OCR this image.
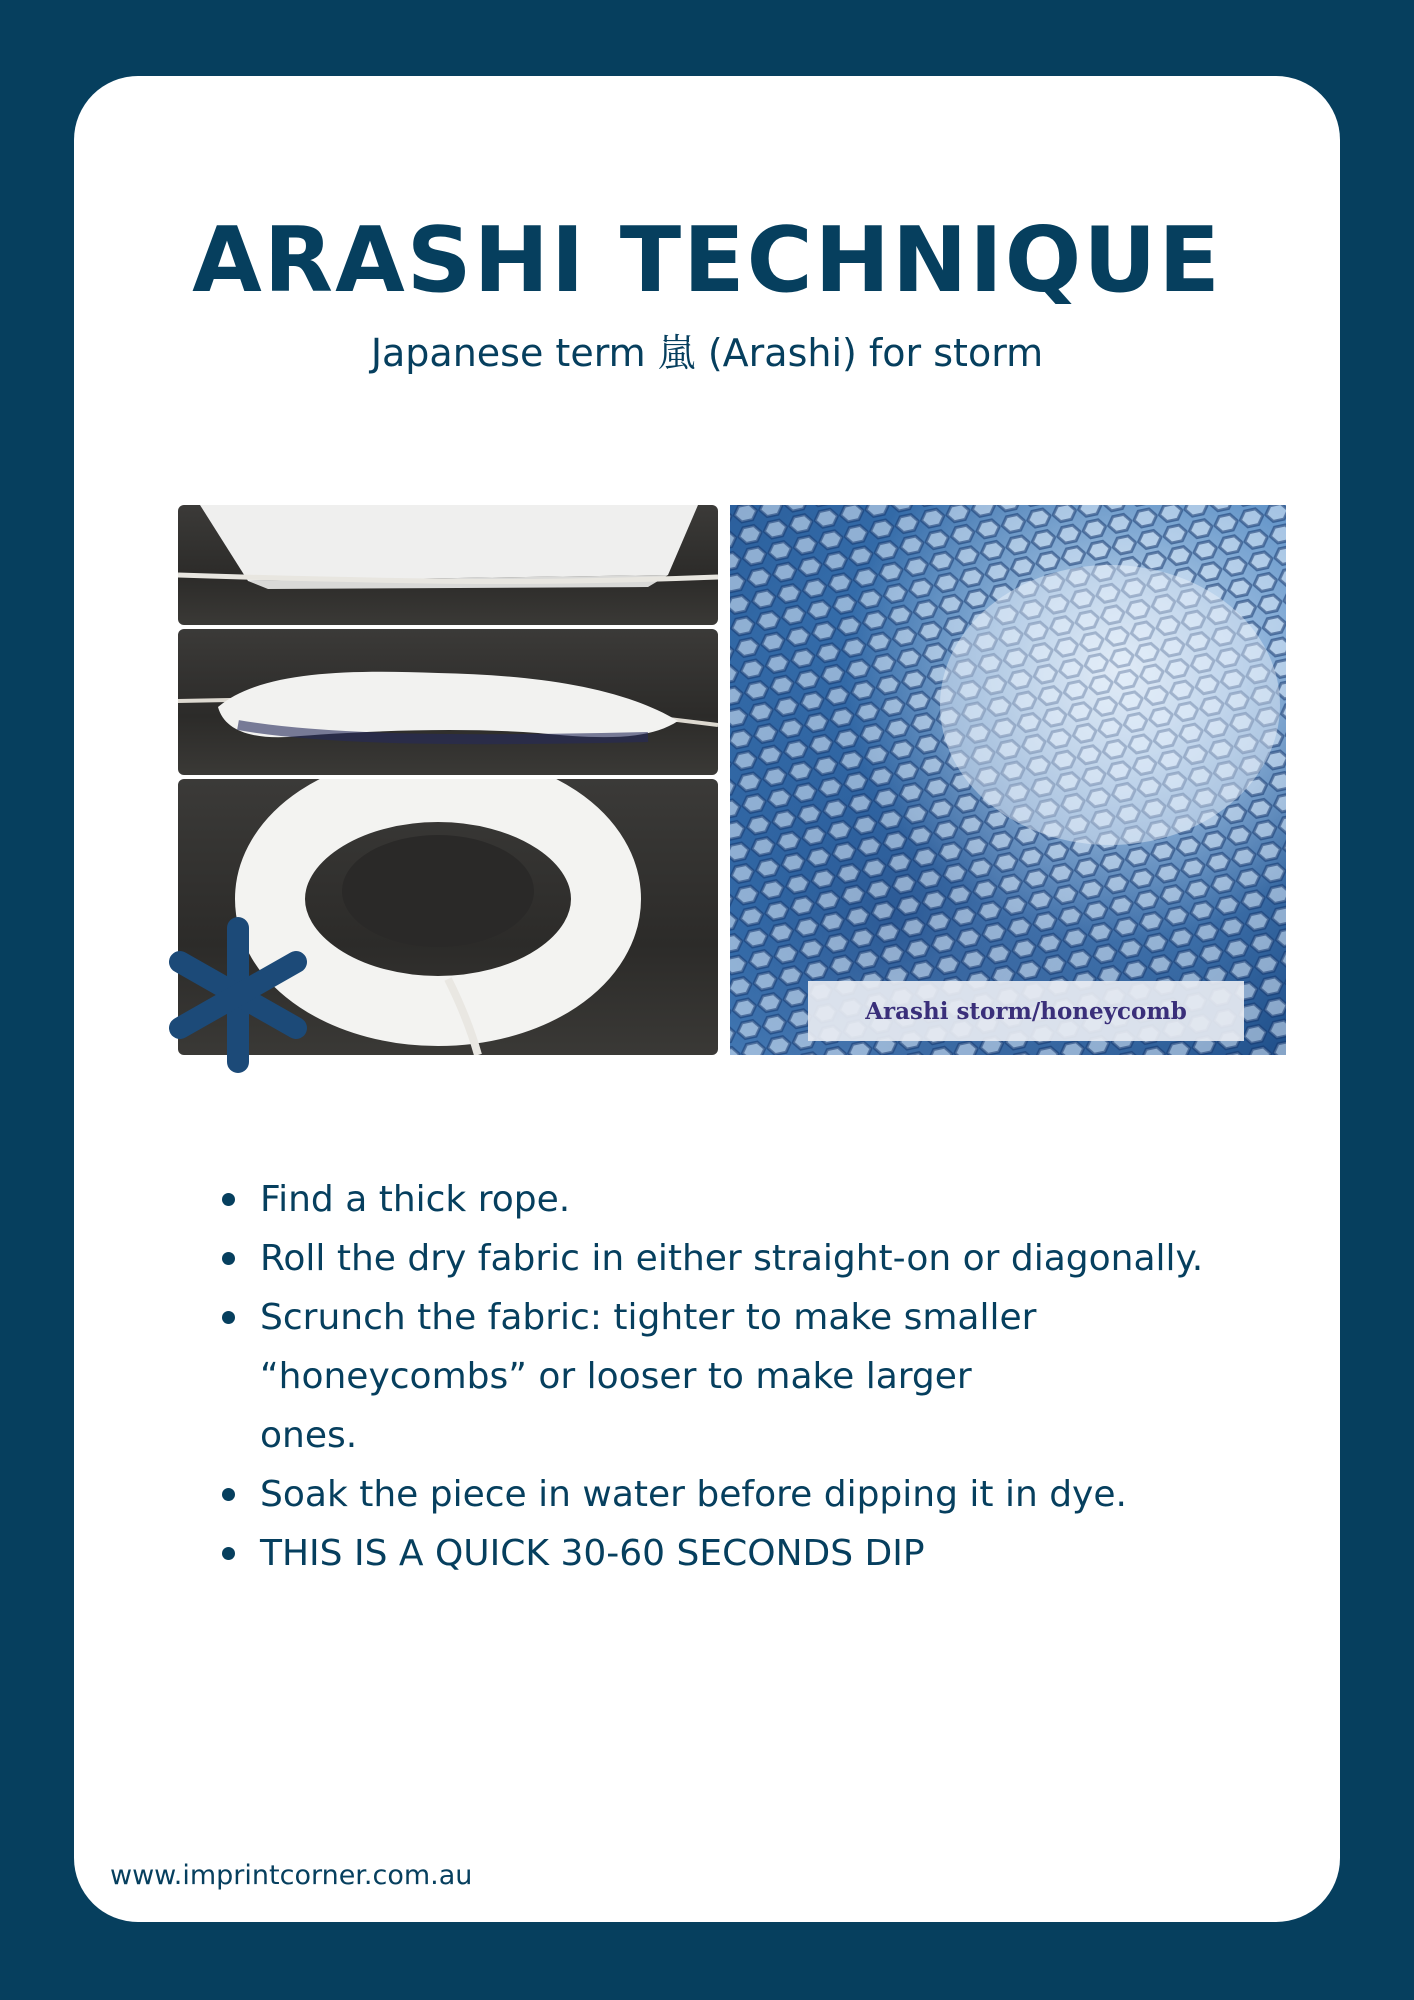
ARASHI TECHNIQUE
Japanese term 嵐 (Arashi) for storm
Arashi storm/honeycomb
Find a thick rope.
Roll the dry fabric in either straight-on or diagonally.
Scrunch the fabric: tighter to make smaller “honeycombs” or looser to make larger ones.
Soak the piece in water before dipping it in dye.
THIS IS A QUICK 30-60 SECONDS DIP
www.imprintcorner.com.au
